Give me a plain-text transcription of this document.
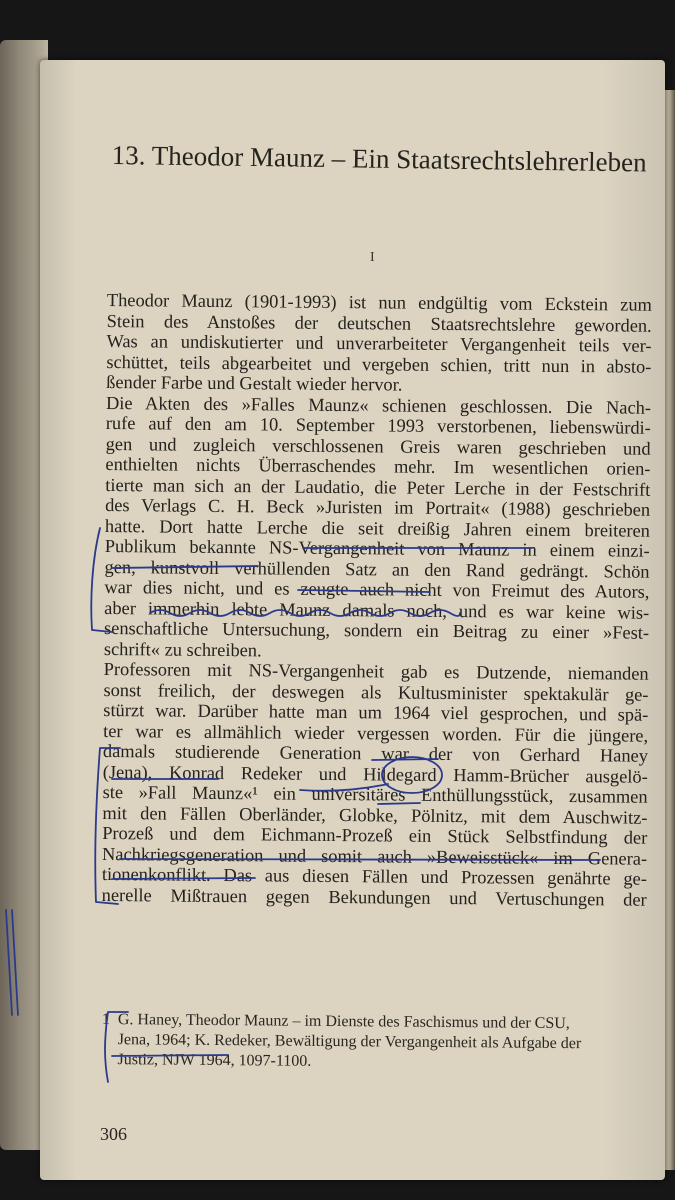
13. Theodor Maunz – Ein Staatsrechtslehrerleben
I
Theodor Maunz (1901-1993) ist nun endgültig vom Eckstein zum
Stein des Anstoßes der deutschen Staatsrechtslehre geworden.
Was an undiskutierter und unverarbeiteter Vergangenheit teils ver-
schüttet, teils abgearbeitet und vergeben schien, tritt nun in absto-
ßender Farbe und Gestalt wieder hervor.
Die Akten des »Falles Maunz« schienen geschlossen. Die Nach-
rufe auf den am 10. September 1993 verstorbenen, liebenswürdi-
gen und zugleich verschlossenen Greis waren geschrieben und
enthielten nichts Überraschendes mehr. Im wesentlichen orien-
tierte man sich an der Laudatio, die Peter Lerche in der Festschrift
des Verlags C. H. Beck »Juristen im Portrait« (1988) geschrieben
hatte. Dort hatte Lerche die seit dreißig Jahren einem breiteren
Publikum bekannte NS-Vergangenheit von Maunz in einem einzi-
gen, kunstvoll verhüllenden Satz an den Rand gedrängt. Schön
war dies nicht, und es zeugte auch nicht von Freimut des Autors,
aber immerhin lebte Maunz damals noch, und es war keine wis-
senschaftliche Untersuchung, sondern ein Beitrag zu einer »Fest-
schrift« zu schreiben.
Professoren mit NS-Vergangenheit gab es Dutzende, niemanden
sonst freilich, der deswegen als Kultusminister spektakulär ge-
stürzt war. Darüber hatte man um 1964 viel gesprochen, und spä-
ter war es allmählich wieder vergessen worden. Für die jüngere,
damals studierende Generation war der von Gerhard Haney
(Jena), Konrad Redeker und Hildegard Hamm-Brücher ausgelö-
ste »Fall Maunz«¹ ein universitäres Enthüllungsstück, zusammen
mit den Fällen Oberländer, Globke, Pölnitz, mit dem Auschwitz-
Prozeß und dem Eichmann-Prozeß ein Stück Selbstfindung der
Nachkriegsgeneration und somit auch »Beweisstück« im Genera-
tionenkonflikt. Das aus diesen Fällen und Prozessen genährte ge-
nerelle Mißtrauen gegen Bekundungen und Vertuschungen der
1 G. Haney, Theodor Maunz – im Dienste des Faschismus und der CSU,
Jena, 1964; K. Redeker, Bewältigung der Vergangenheit als Aufgabe der
Justiz, NJW 1964, 1097-1100.
306
